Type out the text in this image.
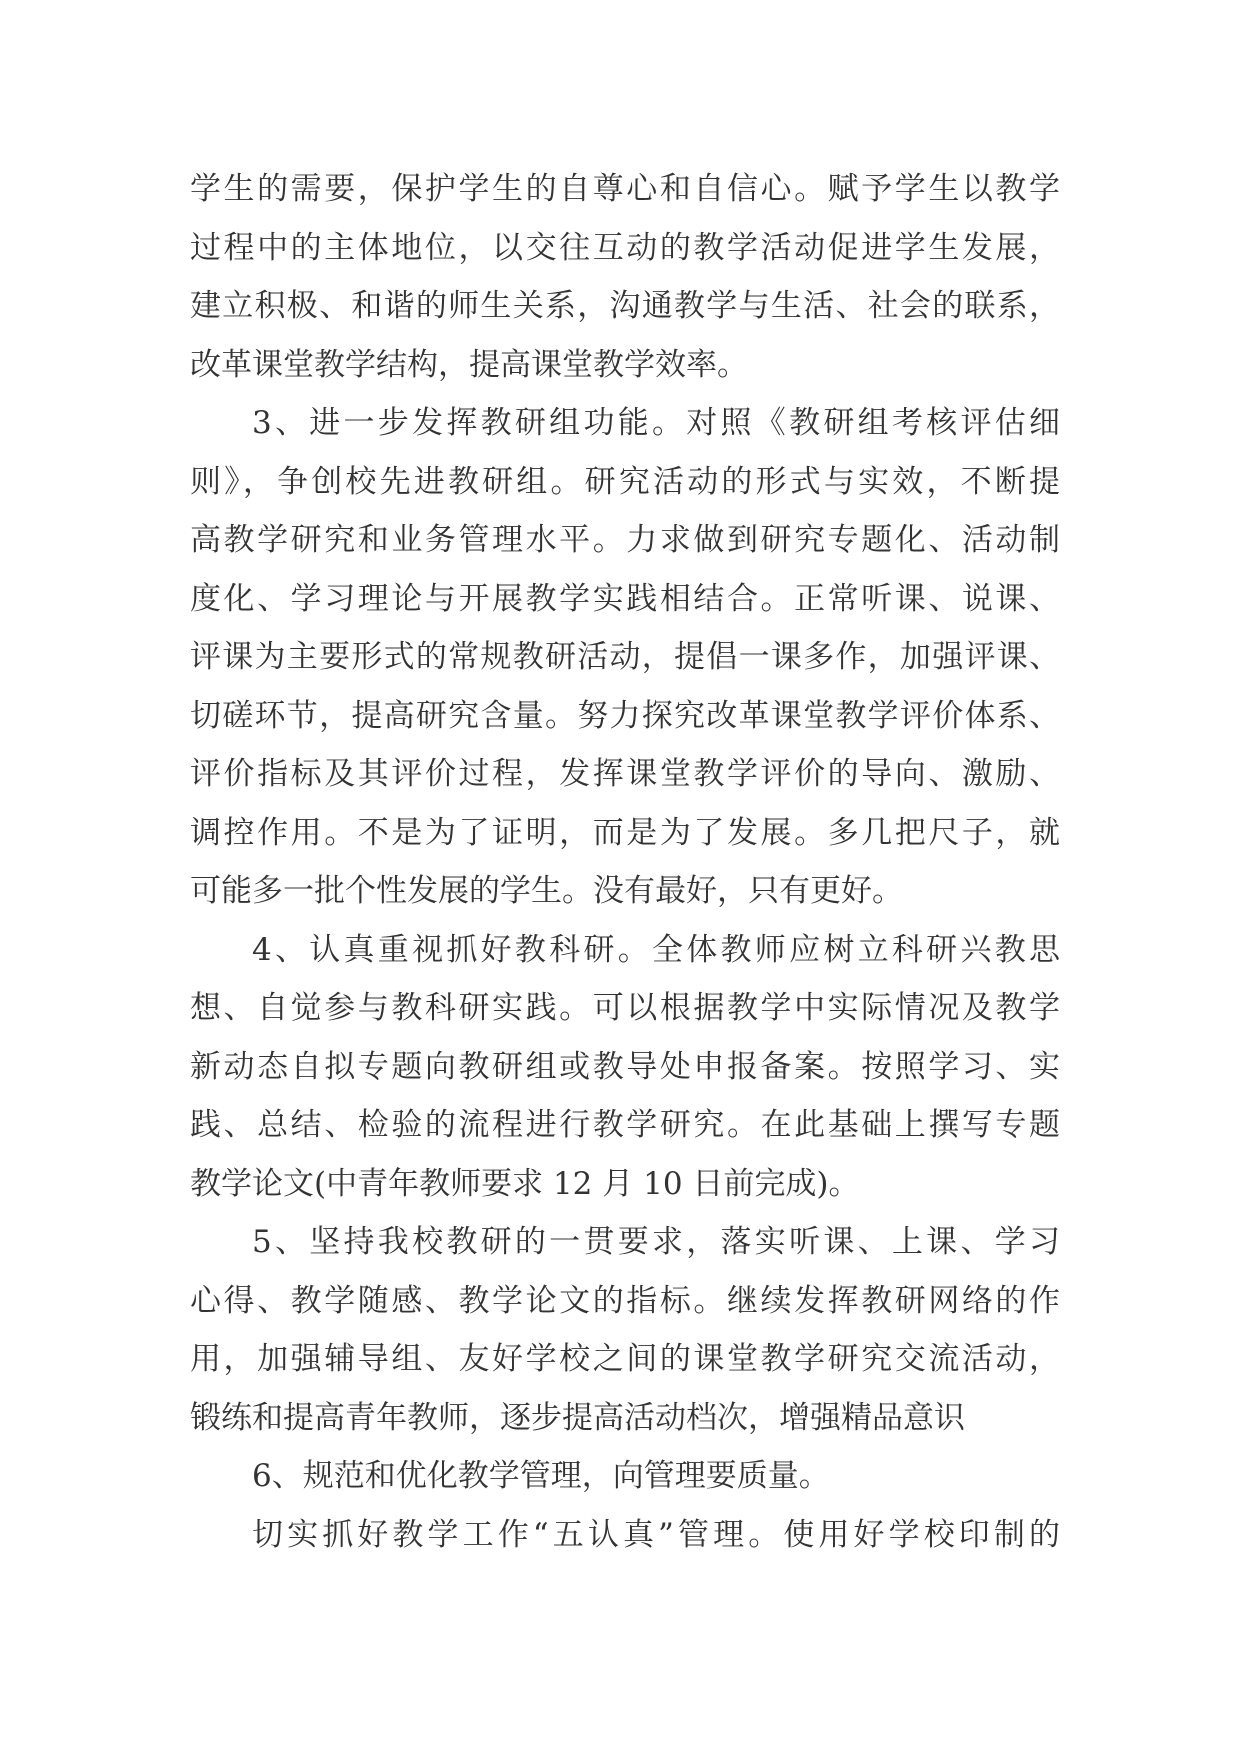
学生的需要，保护学生的自尊心和自信心。赋予学生以教学
过程中的主体地位，以交往互动的教学活动促进学生发展，
建立积极、和谐的师生关系，沟通教学与生活、社会的联系，
改革课堂教学结构，提高课堂教学效率。
3、进一步发挥教研组功能。对照《教研组考核评估细
则》，争创校先进教研组。研究活动的形式与实效，不断提
高教学研究和业务管理水平。力求做到研究专题化、活动制
度化、学习理论与开展教学实践相结合。正常听课、说课、
评课为主要形式的常规教研活动，提倡一课多作，加强评课、
切磋环节，提高研究含量。努力探究改革课堂教学评价体系、
评价指标及其评价过程，发挥课堂教学评价的导向、激励、
调控作用。不是为了证明，而是为了发展。多几把尺子，就
可能多一批个性发展的学生。没有最好，只有更好。
4、认真重视抓好教科研。全体教师应树立科研兴教思
想、自觉参与教科研实践。可以根据教学中实际情况及教学
新动态自拟专题向教研组或教导处申报备案。按照学习、实
践、总结、检验的流程进行教学研究。在此基础上撰写专题
教学论文(中青年教师要求 12 月 10 日前完成)。
5、坚持我校教研的一贯要求，落实听课、上课、学习
心得、教学随感、教学论文的指标。继续发挥教研网络的作
用，加强辅导组、友好学校之间的课堂教学研究交流活动，
锻练和提高青年教师，逐步提高活动档次，增强精品意识
6、规范和优化教学管理，向管理要质量。
切实抓好教学工作“五认真”管理。使用好学校印制的
